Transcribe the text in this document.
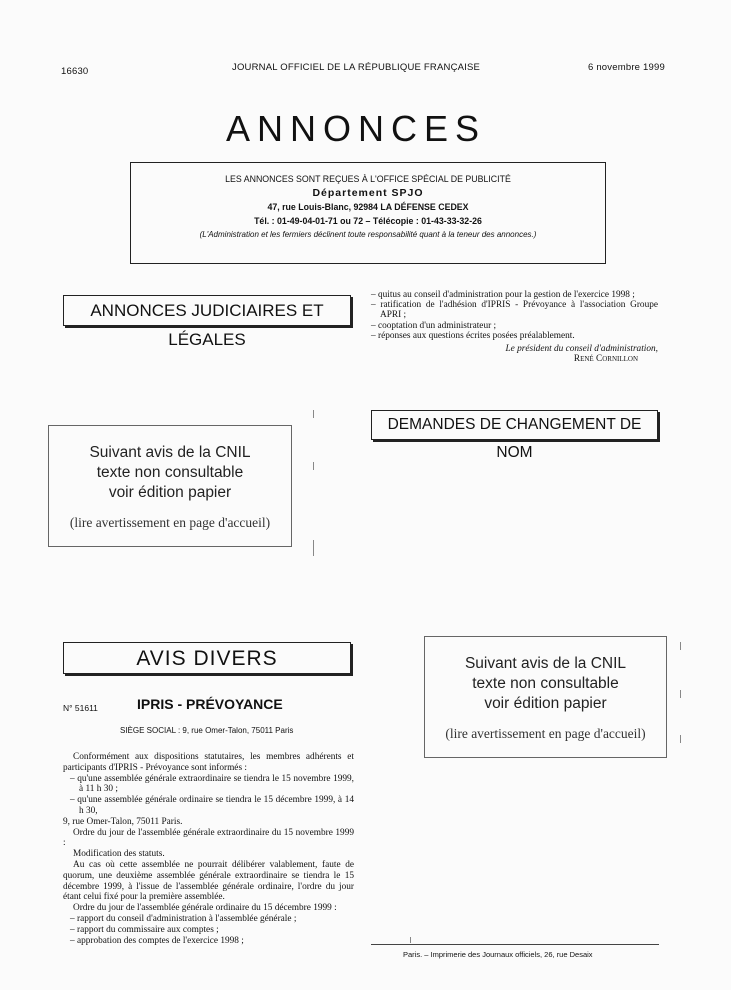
16630	JOURNAL OFFICIEL DE LA RÉPUBLIQUE FRANÇAISE	6 novembre 1999
ANNONCES
LES ANNONCES SONT REÇUES À L'OFFICE SPÉCIAL DE PUBLICITÉ
Département SPJO
47, rue Louis-Blanc, 92984 LA DÉFENSE CEDEX
Tél. : 01-49-04-01-71 ou 72 – Télécopie : 01-43-33-32-26
(L'Administration et les fermiers déclinent toute responsabilité quant à la teneur des annonces.)
ANNONCES JUDICIAIRES ET LÉGALES
Suivant avis de la CNIL
texte non consultable
voir édition papier
(lire avertissement en page d'accueil)
AVIS DIVERS
N° 51611	IPRIS - PRÉVOYANCE
SIÈGE SOCIAL : 9, rue Omer-Talon, 75011 Paris

Conformément aux dispositions statutaires, les membres adhérents et participants d'IPRIS - Prévoyance sont informés :

– qu'une assemblée générale extraordinaire se tiendra le 15 novembre 1999, à 11 h 30 ;

– qu'une assemblée générale ordinaire se tiendra le 15 décembre 1999, à 14 h 30,

9, rue Omer-Talon, 75011 Paris.

Ordre du jour de l'assemblée générale extraordinaire du 15 novembre 1999 :

Modification des statuts.

Au cas où cette assemblée ne pourrait délibérer valablement, faute de quorum, une deuxième assemblée générale extraordinaire se tiendra le 15 décembre 1999, à l'issue de l'assemblée générale ordinaire, l'ordre du jour étant celui fixé pour la première assemblée.

Ordre du jour de l'assemblée générale ordinaire du 15 décembre 1999 :

– rapport du conseil d'administration à l'assemblée générale ;

– rapport du commissaire aux comptes ;

– approbation des comptes de l'exercice 1998 ;

– quitus au conseil d'administration pour la gestion de l'exercice 1998 ;

– ratification de l'adhésion d'IPRIS - Prévoyance à l'association Groupe APRI ;

– cooptation d'un administrateur ;

– réponses aux questions écrites posées préalablement.

Le président du conseil d'administration,

René Cornillon

DEMANDES DE CHANGEMENT DE NOM
Suivant avis de la CNIL
texte non consultable
voir édition papier
(lire avertissement en page d'accueil)
Paris. – Imprimerie des Journaux officiels, 26, rue Desaix
